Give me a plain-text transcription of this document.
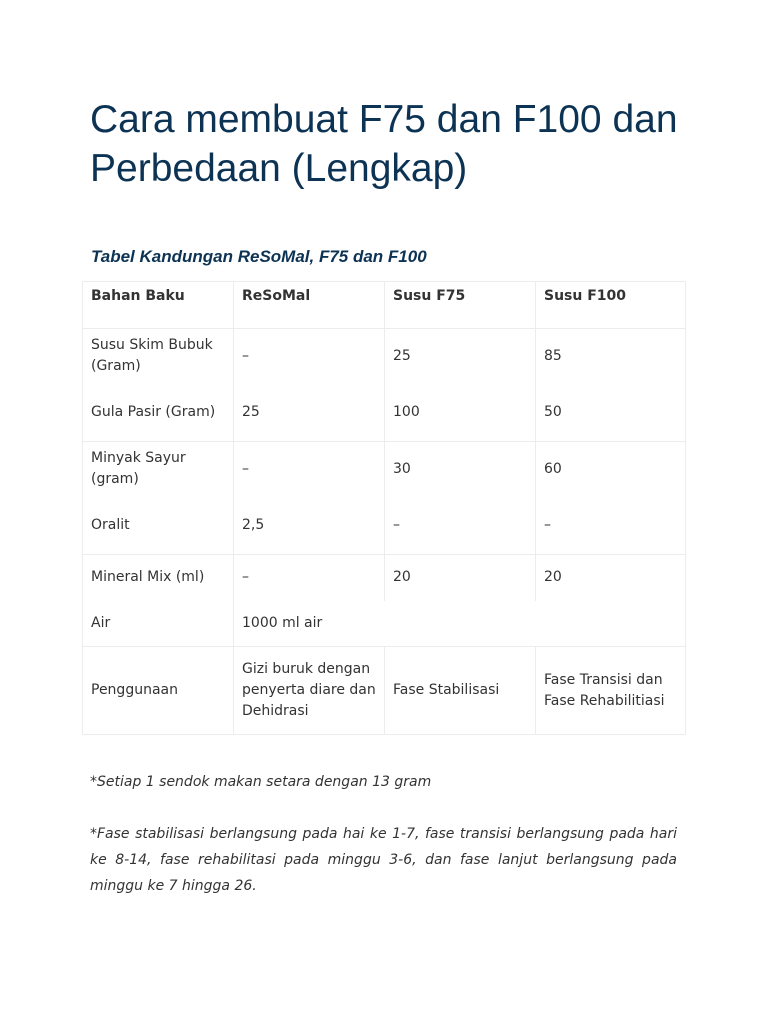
Cara membuat F75 dan F100 dan Perbedaan (Lengkap)
Tabel Kandungan ReSoMal, F75 dan F100
Bahan Baku	ReSoMal	Susu F75	Susu F100
Susu Skim Bubuk (Gram)	–	25	85
Gula Pasir (Gram)	25	100	50
Minyak Sayur (gram)	–	30	60
Oralit	2,5	–	–
Mineral Mix (ml)	–	20	20
Air	1000 ml air		
Penggunaan	Gizi buruk dengan penyerta diare dan Dehidrasi	Fase Stabilisasi	Fase Transisi dan Fase Rehabilitiasi

*Setiap 1 sendok makan setara dengan 13 gram

*Fase stabilisasi berlangsung pada hai ke 1-7, fase transisi berlangsung pada hari ke 8-14, fase rehabilitasi pada minggu 3-6, dan fase lanjut berlangsung pada minggu ke 7 hingga 26.
